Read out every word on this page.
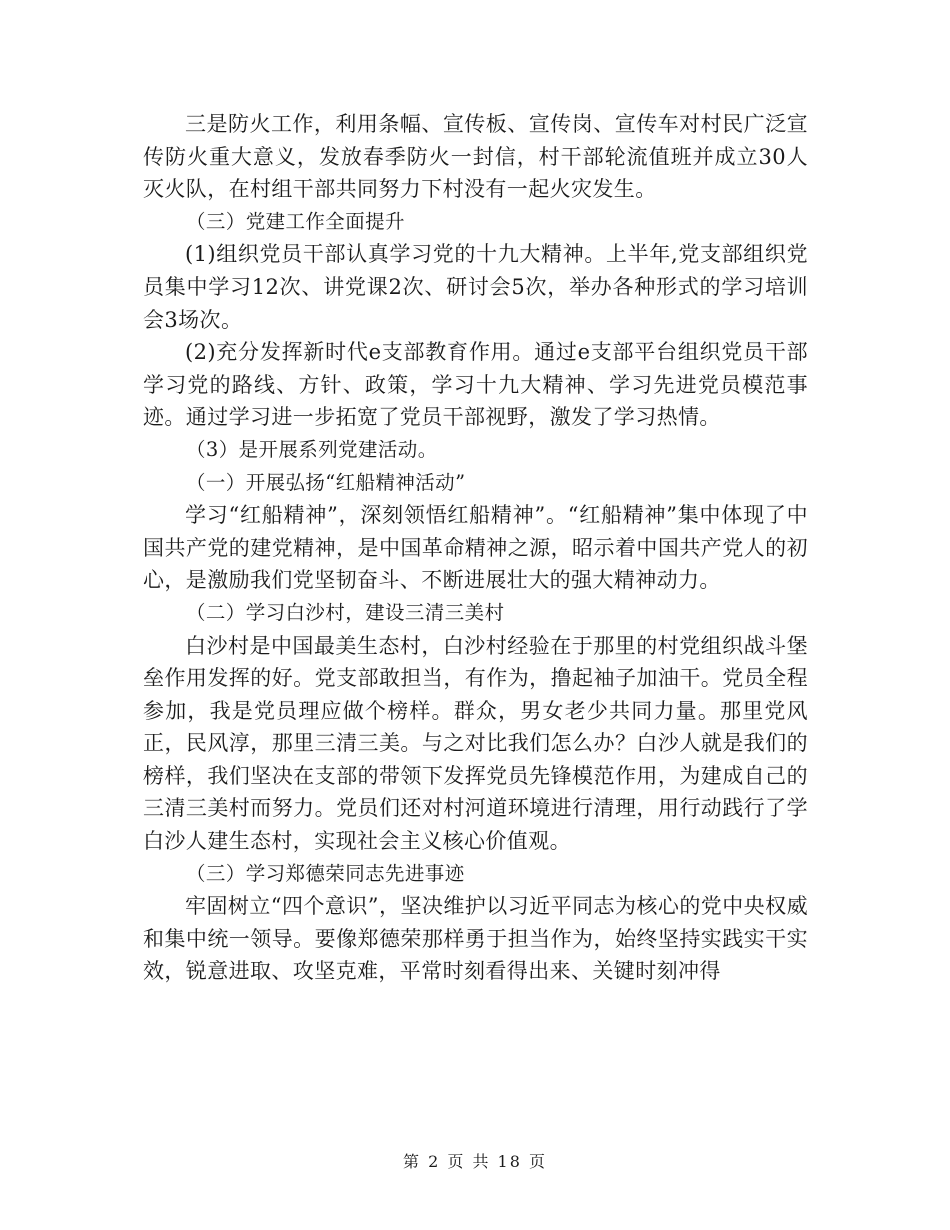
三是防火工作，利用条幅、宣传板、宣传岗、宣传车对村民广泛宣传防火重大意义，发放春季防火一封信，村干部轮流值班并成立30人灭火队，在村组干部共同努力下村没有一起火灾发生。

（三）党建工作全面提升

(1)组织党员干部认真学习党的十九大精神。上半年,党支部组织党员集中学习12次、讲党课2次、研讨会5次，举办各种形式的学习培训会3场次。

(2)充分发挥新时代e支部教育作用。通过e支部平台组织党员干部学习党的路线、方针、政策，学习十九大精神、学习先进党员模范事迹。通过学习进一步拓宽了党员干部视野，激发了学习热情。

（3）是开展系列党建活动。

（一）开展弘扬“红船精神活动”

学习“红船精神”，深刻领悟红船精神”。“红船精神”集中体现了中国共产党的建党精神，是中国革命精神之源，昭示着中国共产党人的初心，是激励我们党坚韧奋斗、不断进展壮大的强大精神动力。

（二）学习白沙村，建设三清三美村

白沙村是中国最美生态村，白沙村经验在于那里的村党组织战斗堡垒作用发挥的好。党支部敢担当，有作为，撸起袖子加油干。党员全程参加，我是党员理应做个榜样。群众，男女老少共同力量。那里党风正，民风淳，那里三清三美。与之对比我们怎么办？白沙人就是我们的榜样，我们坚决在支部的带领下发挥党员先锋模范作用，为建成自己的三清三美村而努力。党员们还对村河道环境进行清理，用行动践行了学白沙人建生态村，实现社会主义核心价值观。

（三）学习郑德荣同志先进事迹

牢固树立“四个意识”，坚决维护以习近平同志为核心的党中央权威和集中统一领导。要像郑德荣那样勇于担当作为，始终坚持实践实干实效，锐意进取、攻坚克难，平常时刻看得出来、关键时刻冲得

第 2 页 共 18 页
